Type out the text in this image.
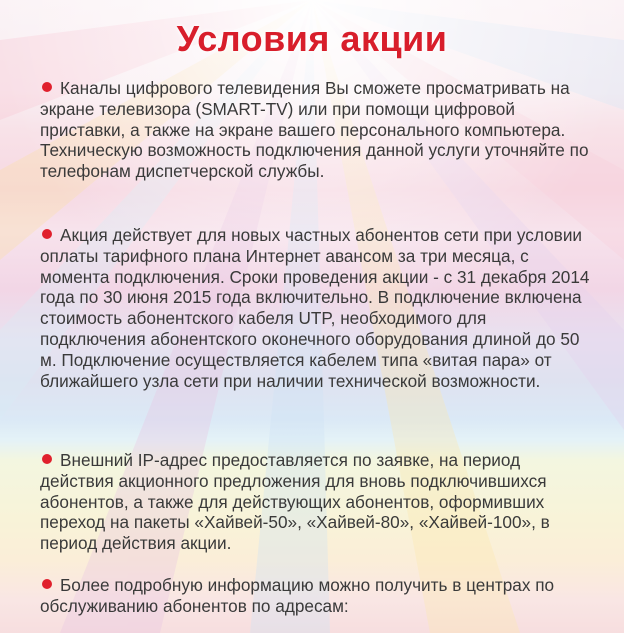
Условия акции

Каналы цифрового телевидения Вы сможете просматривать на экране телевизора (SMART-TV) или при помощи цифровой приставки, а также на экране вашего персонального компьютера. Техническую возможность подключения данной услуги уточняйте по телефонам диспетчерской службы.

Акция действует для новых частных абонентов сети при условии оплаты тарифного плана Интернет авансом за три месяца, с момента подключения. Сроки проведения акции - с 31 декабря 2014 года по 30 июня 2015 года включительно. В подключение включена стоимость абонентского кабеля UTP, необходимого для подключения абонентского оконечного оборудования длиной до 50 м. Подключение осуществляется кабелем типа «витая пара» от ближайшего узла сети при наличии технической возможности.

Внешний IP-адрес предоставляется по заявке, на период действия акционного предложения для вновь подключившихся абонентов, а также для действующих абонентов, оформивших переход на пакеты «Хайвей-50», «Хайвей-80», «Хайвей-100», в период действия акции.

Более подробную информацию можно получить в центрах по обслуживанию абонентов по адресам:
